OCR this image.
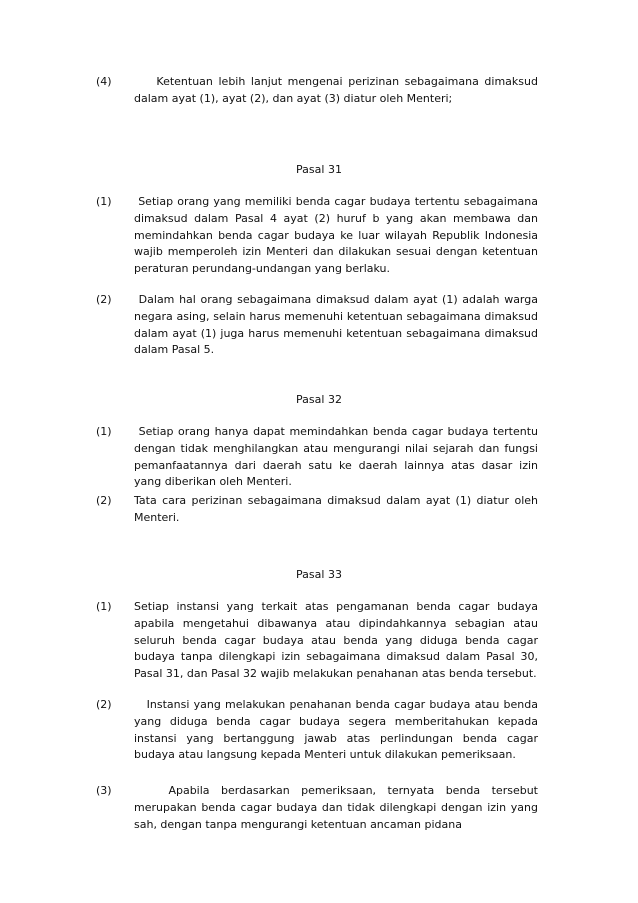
(4)	Ketentuan lebih lanjut mengenai perizinan sebagaimana dimaksud dalam ayat (1), ayat (2), dan ayat (3) diatur oleh Menteri;
Pasal 31
(1)	Setiap orang yang memiliki benda cagar budaya tertentu sebagaimana dimaksud dalam Pasal 4 ayat (2) huruf b yang akan membawa dan memindahkan benda cagar budaya ke luar wilayah Republik Indonesia wajib memperoleh izin Menteri dan dilakukan sesuai dengan ketentuan peraturan perundang-undangan yang berlaku.
(2)	Dalam hal orang sebagaimana dimaksud dalam ayat (1) adalah warga negara asing, selain harus memenuhi ketentuan sebagaimana dimaksud dalam ayat (1) juga harus memenuhi ketentuan sebagaimana dimaksud dalam Pasal 5.
Pasal 32
(1)	Setiap orang hanya dapat memindahkan benda cagar budaya tertentu dengan tidak menghilangkan atau mengurangi nilai sejarah dan fungsi pemanfaatannya dari daerah satu ke daerah lainnya atas dasar izin yang diberikan oleh Menteri.
(2)	Tata cara perizinan sebagaimana dimaksud dalam ayat (1) diatur oleh Menteri.
Pasal 33
(1)	Setiap instansi yang terkait atas pengamanan benda cagar budaya apabila mengetahui dibawanya atau dipindahkannya sebagian atau seluruh benda cagar budaya atau benda yang diduga benda cagar budaya tanpa dilengkapi izin sebagaimana dimaksud dalam Pasal 30, Pasal 31, dan Pasal 32 wajib melakukan penahanan atas benda tersebut.
(2)	Instansi yang melakukan penahanan benda cagar budaya atau benda yang diduga benda cagar budaya segera memberitahukan kepada instansi yang bertanggung jawab atas perlindungan benda cagar budaya atau langsung kepada Menteri untuk dilakukan pemeriksaan.
(3)	Apabila berdasarkan pemeriksaan, ternyata benda tersebut merupakan benda cagar budaya dan tidak dilengkapi dengan izin yang sah, dengan tanpa mengurangi ketentuan ancaman pidana
